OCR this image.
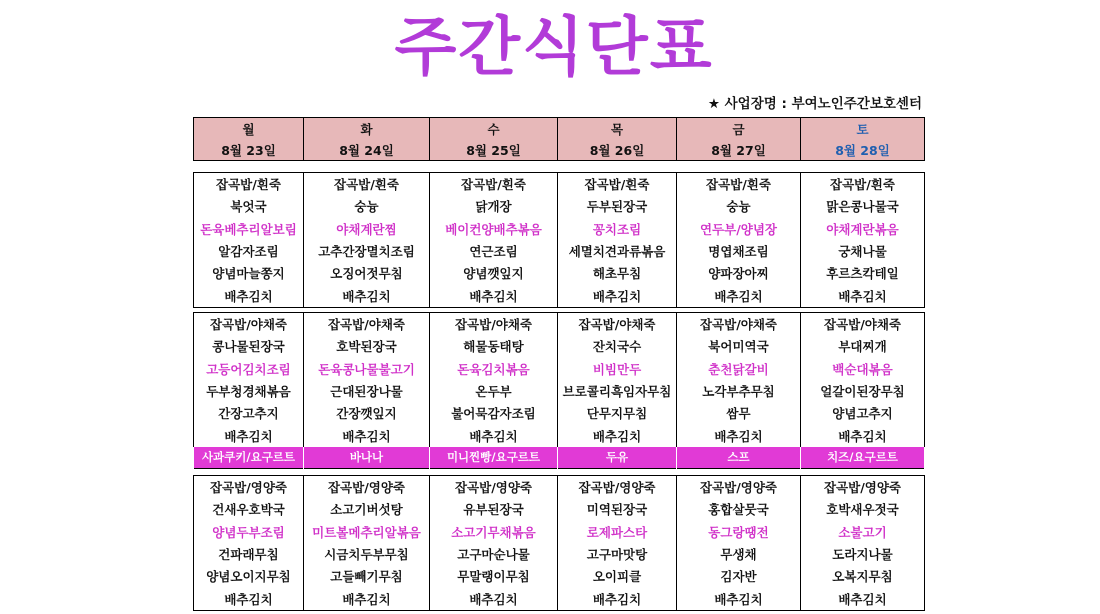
주간식단표
★ 사업장명 : 부여노인주간보호센터
월	화	수	목	금	토
8월 23일	8월 24일	8월 25일	8월 26일	8월 27일	8월 28일
잡곡밥/흰죽	잡곡밥/흰죽	잡곡밥/흰죽	잡곡밥/흰죽	잡곡밥/흰죽	잡곡밥/흰죽
북엇국	숭늉	닭개장	두부된장국	숭늉	맑은콩나물국
돈육베추리알보림	야채계란찜	베이컨양배추볶음	꽁치조림	연두부/양념장	야채계란볶음
알감자조림	고추간장멸치조림	연근조림	세멸치견과류볶음	명엽채조림	궁채나물
양념마늘쫑지	오징어젓무침	양념깻잎지	해초무침	양파장아찌	후르츠칵테일
배추김치	배추김치	배추김치	배추김치	배추김치	배추김치
잡곡밥/야채죽	잡곡밥/야채죽	잡곡밥/야채죽	잡곡밥/야채죽	잡곡밥/야채죽	잡곡밥/야채죽
콩나물된장국	호박된장국	해물동태탕	잔치국수	북어미역국	부대찌개
고등어김치조림	돈육콩나물불고기	돈육김치볶음	비빔만두	춘천닭갈비	백순대볶음
두부청경채볶음	근대된장나물	온두부	브로콜리흑임자무침	노각부추무침	얼갈이된장무침
간장고추지	간장깻잎지	불어묵감자조림	단무지무침	쌈무	양념고추지
배추김치	배추김치	배추김치	배추김치	배추김치	배추김치
사과쿠키/요구르트	바나나	미니찐빵/요구르트	두유	스프	치즈/요구르트
잡곡밥/영양죽	잡곡밥/영양죽	잡곡밥/영양죽	잡곡밥/영양죽	잡곡밥/영양죽	잡곡밥/영양죽
건새우호박국	소고기버섯탕	유부된장국	미역된장국	홍합살뭇국	호박새우젓국
양념두부조림	미트볼메추리알볶음	소고기무채볶음	로제파스타	동그랑땡전	소불고기
건파래무침	시금치두부무침	고구마순나물	고구마맛탕	무생채	도라지나물
양념오이지무침	고들빼기무침	무말랭이무침	오이피클	김자반	오복지무침
배추김치	배추김치	배추김치	배추김치	배추김치	배추김치
